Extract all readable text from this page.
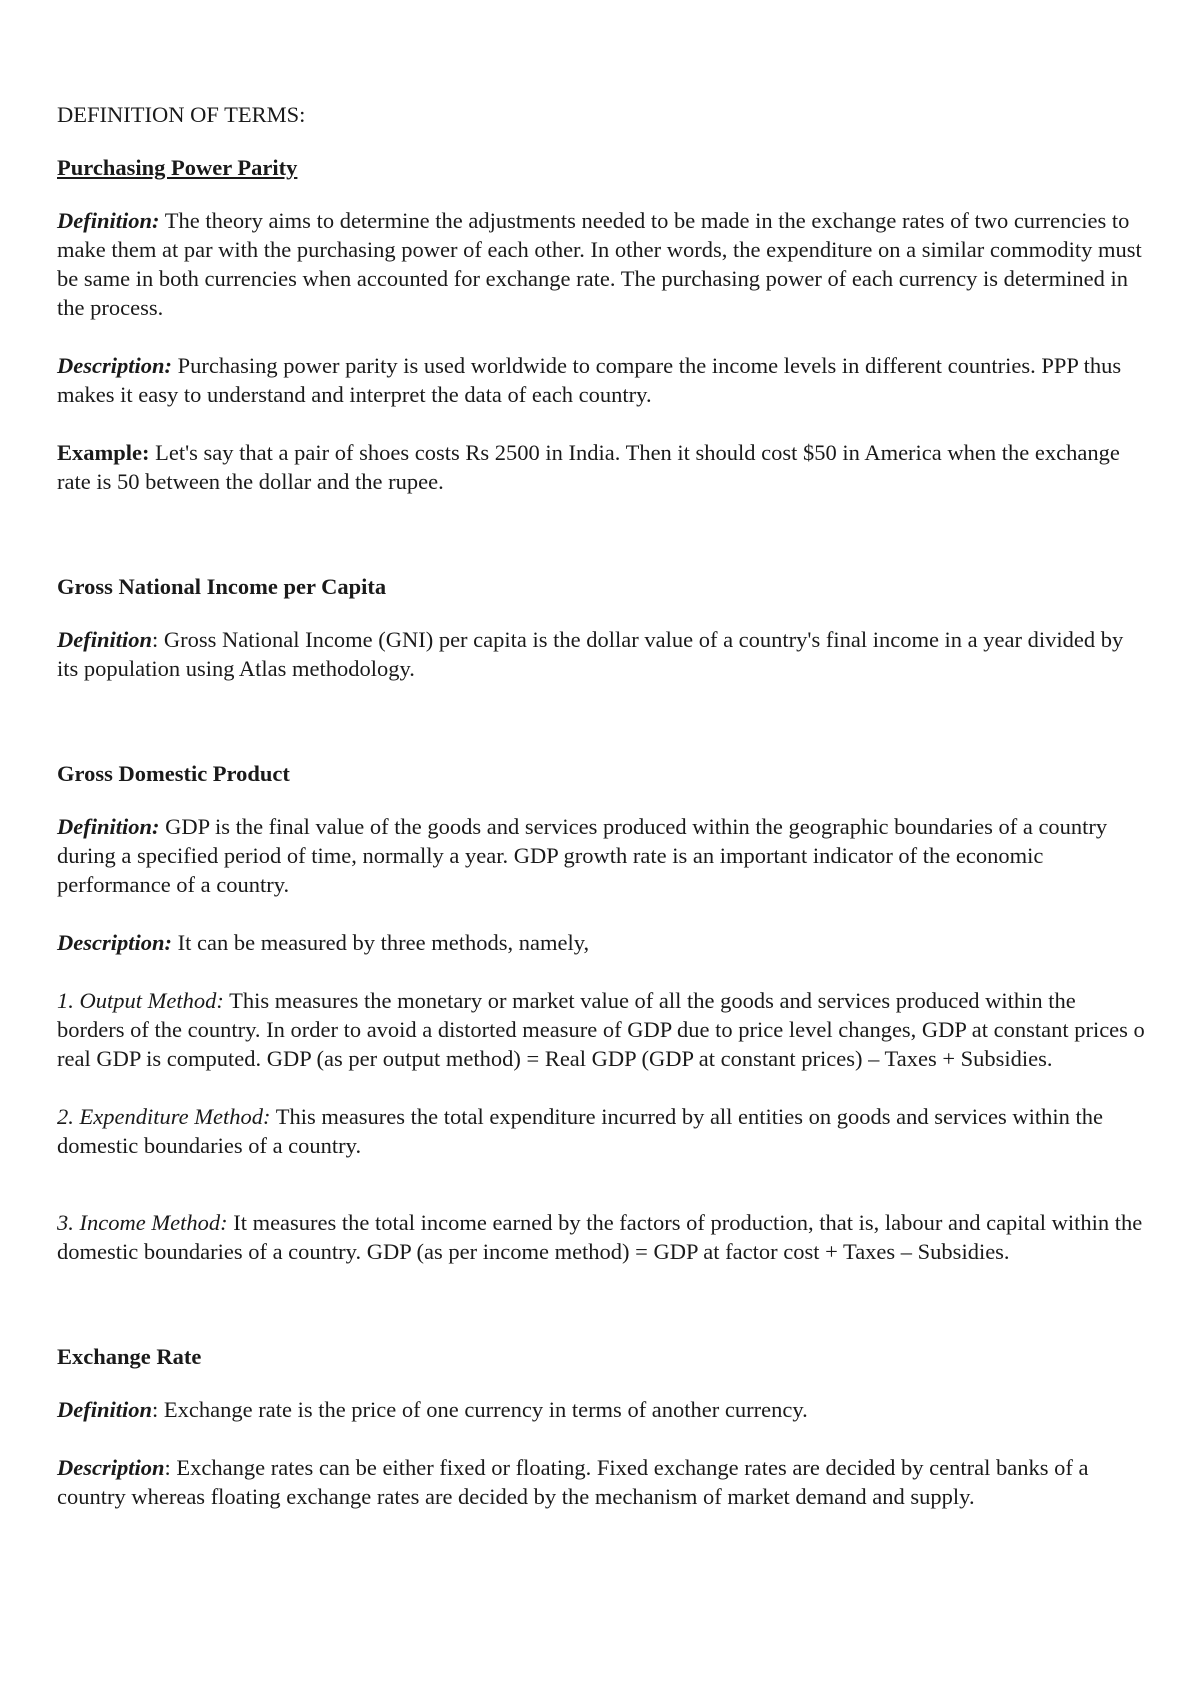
DEFINITION OF TERMS:

Purchasing Power Parity

Definition: The theory aims to determine the adjustments needed to be made in the exchange rates of two currencies to make them at par with the purchasing power of each other. In other words, the expenditure on a similar commodity must be same in both currencies when accounted for exchange rate. The purchasing power of each currency is determined in the process.

Description: Purchasing power parity is used worldwide to compare the income levels in different countries. PPP thus makes it easy to understand and interpret the data of each country.

Example: Let's say that a pair of shoes costs Rs 2500 in India. Then it should cost $50 in America when the exchange rate is 50 between the dollar and the rupee.

Gross National Income per Capita

Definition: Gross National Income (GNI) per capita is the dollar value of a country's final income in a year divided by its population using Atlas methodology.

Gross Domestic Product

Definition: GDP is the final value of the goods and services produced within the geographic boundaries of a country during a specified period of time, normally a year. GDP growth rate is an important indicator of the economic performance of a country.

Description: It can be measured by three methods, namely,

1. Output Method: This measures the monetary or market value of all the goods and services produced within the borders of the country. In order to avoid a distorted measure of GDP due to price level changes, GDP at constant prices o real GDP is computed. GDP (as per output method) = Real GDP (GDP at constant prices) – Taxes + Subsidies.

2. Expenditure Method: This measures the total expenditure incurred by all entities on goods and services within the domestic boundaries of a country.

3. Income Method: It measures the total income earned by the factors of production, that is, labour and capital within the domestic boundaries of a country. GDP (as per income method) = GDP at factor cost + Taxes – Subsidies.

Exchange Rate

Definition: Exchange rate is the price of one currency in terms of another currency.

Description: Exchange rates can be either fixed or floating. Fixed exchange rates are decided by central banks of a country whereas floating exchange rates are decided by the mechanism of market demand and supply.
